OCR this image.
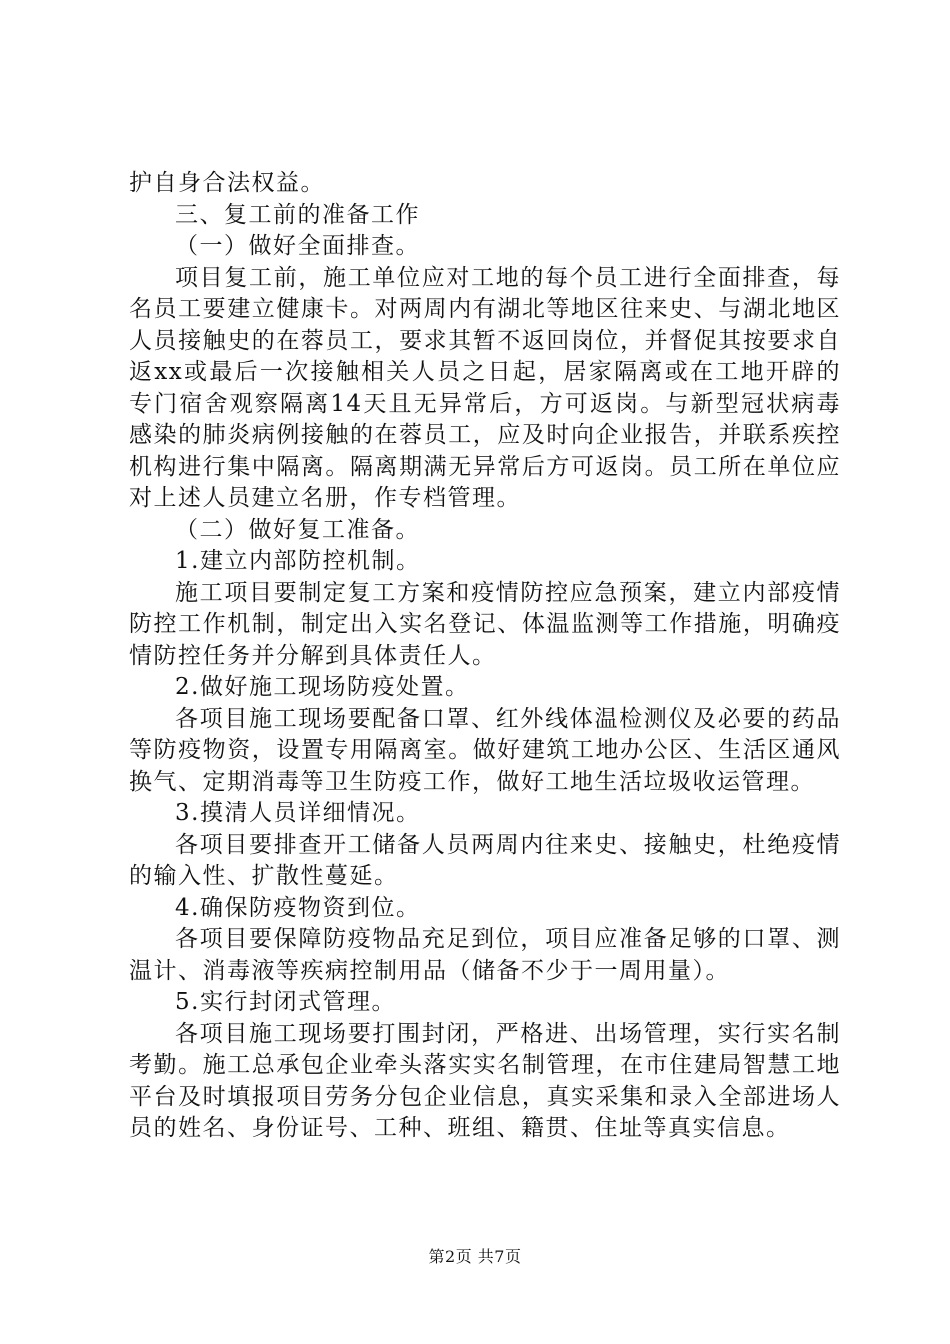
护自身合法权益。

三、复工前的准备工作

（一）做好全面排查。

项目复工前，施工单位应对工地的每个员工进行全面排查，每名员工要建立健康卡。对两周内有湖北等地区往来史、与湖北地区人员接触史的在蓉员工，要求其暂不返回岗位，并督促其按要求自返xx或最后一次接触相关人员之日起，居家隔离或在工地开辟的专门宿舍观察隔离14天且无异常后，方可返岗。与新型冠状病毒感染的肺炎病例接触的在蓉员工，应及时向企业报告，并联系疾控机构进行集中隔离。隔离期满无异常后方可返岗。员工所在单位应对上述人员建立名册，作专档管理。

（二）做好复工准备。

1.建立内部防控机制。

施工项目要制定复工方案和疫情防控应急预案，建立内部疫情防控工作机制，制定出入实名登记、体温监测等工作措施，明确疫情防控任务并分解到具体责任人。

2.做好施工现场防疫处置。

各项目施工现场要配备口罩、红外线体温检测仪及必要的药品等防疫物资，设置专用隔离室。做好建筑工地办公区、生活区通风换气、定期消毒等卫生防疫工作，做好工地生活垃圾收运管理。

3.摸清人员详细情况。

各项目要排查开工储备人员两周内往来史、接触史，杜绝疫情的输入性、扩散性蔓延。

4.确保防疫物资到位。

各项目要保障防疫物品充足到位，项目应准备足够的口罩、测温计、消毒液等疾病控制用品（储备不少于一周用量）。

5.实行封闭式管理。

各项目施工现场要打围封闭，严格进、出场管理，实行实名制考勤。施工总承包企业牵头落实实名制管理，在市住建局智慧工地平台及时填报项目劳务分包企业信息，真实采集和录入全部进场人员的姓名、身份证号、工种、班组、籍贯、住址等真实信息。

第2页 共7页
